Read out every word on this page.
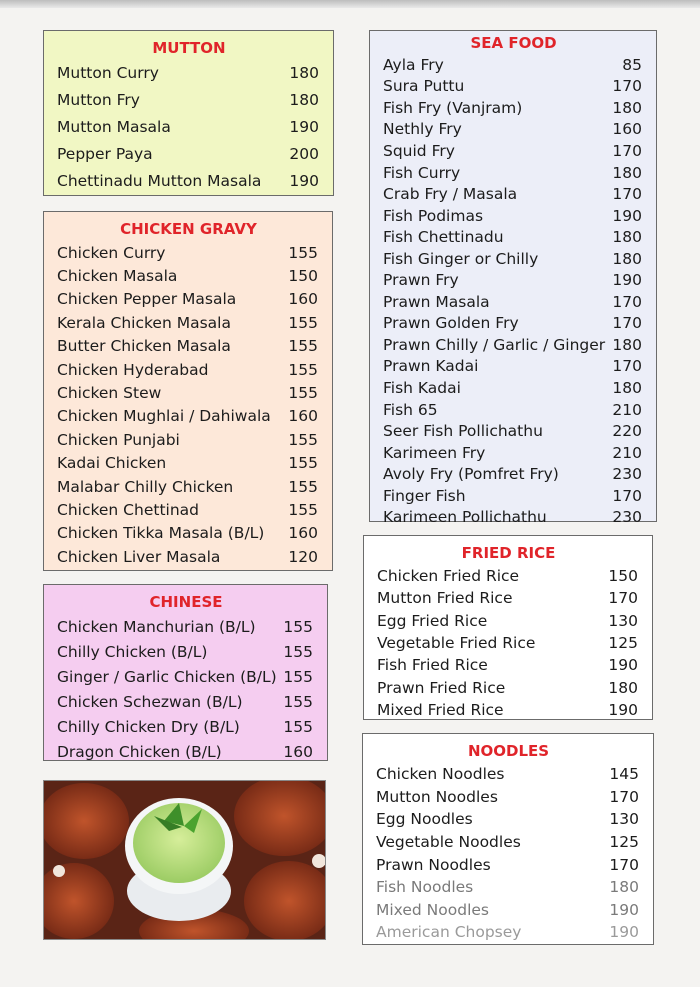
MUTTON
Mutton Curry	180
Mutton Fry	180
Mutton Masala	190
Pepper Paya	200
Chettinadu Mutton Masala 190
CHICKEN GRAVY
Chicken Curry	155
Chicken Masala	150
Chicken Pepper Masala	160
Kerala Chicken Masala	155
Butter Chicken Masala	155
Chicken Hyderabad	155
Chicken Stew	155
Chicken Mughlai / Dahiwala 160
Chicken Punjabi	155
Kadai Chicken	155
Malabar Chilly Chicken	155
Chicken Chettinad	155
Chicken Tikka Masala (B/L) 160
Chicken Liver Masala	120
CHINESE
Chicken Manchurian (B/L) 155
Chilly Chicken (B/L)	155
Ginger / Garlic Chicken (B/L) 155
Chicken Schezwan (B/L)	155
Chilly Chicken Dry (B/L)	155
Dragon Chicken (B/L)	160
SEA FOOD
Ayla Fry	85
Sura Puttu	170
Fish Fry (Vanjram)	180
Nethly Fry	160
Squid Fry	170
Fish Curry	180
Crab Fry / Masala	170
Fish Podimas	190
Fish Chettinadu	180
Fish Ginger or Chilly	180
Prawn Fry	190
Prawn Masala	170
Prawn Golden Fry	170
Prawn Chilly / Garlic / Ginger 180
Prawn Kadai	170
Fish Kadai	180
Fish 65	210
Seer Fish Pollichathu	220
Karimeen Fry	210
Avoly Fry (Pomfret Fry)	230
Finger Fish	170
Karimeen Pollichathu	230
FRIED RICE
Chicken Fried Rice	150
Mutton Fried Rice	170
Egg Fried Rice	130
Vegetable Fried Rice	125
Fish Fried Rice	190
Prawn Fried Rice	180
Mixed Fried Rice	190
NOODLES
Chicken Noodles	145
Mutton Noodles	170
Egg Noodles	130
Vegetable Noodles	125
Prawn Noodles	170
Fish Noodles	180
Mixed Noodles	190
American Chopsey	190
